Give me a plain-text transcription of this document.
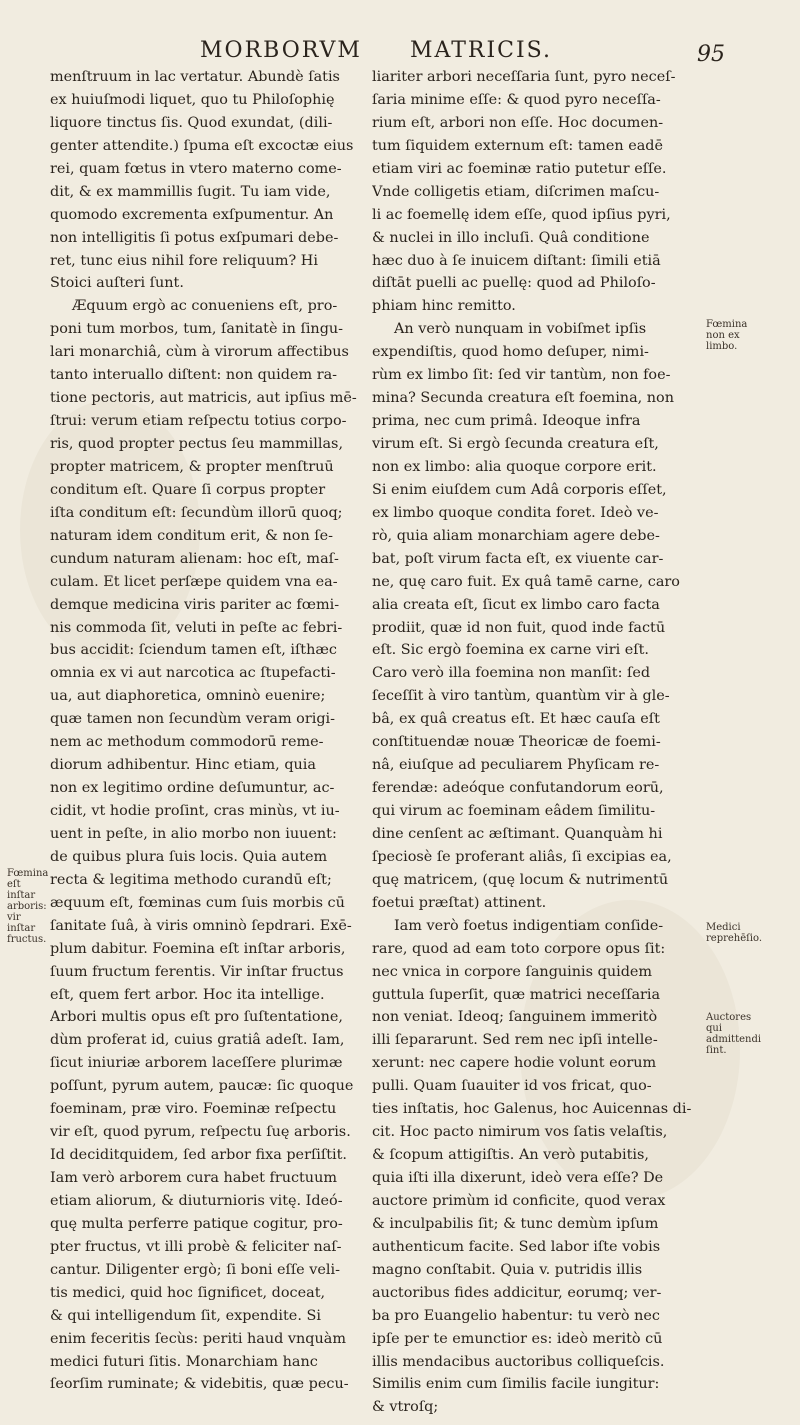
MORBORVM MATRICIS.	95
menſtruum in lac vertatur. Abundè ſatis
ex huiuſmodi liquet, quo tu Philoſophię
liquore tinctus ſis. Quod exundat, (dili-
genter attendite.) ſpuma eſt excoctæ eius
rei, quam fœtus in vtero materno come-
dit, & ex mammillis ſugit. Tu iam vide,
quomodo excrementa exſpumentur. An
non intelligitis ſi potus exſpumari debe-
ret, tunc eius nihil fore reliquum? Hi
Stoici auſteri ſunt.
Æquum ergò ac conueniens eſt, pro-
poni tum morbos, tum, ſanitatè in ſingu-
lari monarchiâ, cùm à virorum affectibus
tanto interuallo diſtent: non quidem ra-
tione pectoris, aut matricis, aut ipſius mē-
ſtrui: verum etiam reſpectu totius corpo-
ris, quod propter pectus ſeu mammillas,
propter matricem, & propter menſtruū
conditum eſt. Quare ſi corpus propter
iſta conditum eſt: ſecundùm illorū quoq;
naturam idem conditum erit, & non ſe-
cundum naturam alienam: hoc eſt, maſ-
culam. Et licet perſæpe quidem vna ea-
demque medicina viris pariter ac fœmi-
nis commoda ſit, veluti in peſte ac febri-
bus accidit: ſciendum tamen eſt, iſthæc
omnia ex vi aut narcotica ac ſtupefacti-
ua, aut diaphoretica, omninò euenire;
quæ tamen non ſecundùm veram origi-
nem ac methodum commodorū reme-
diorum adhibentur. Hinc etiam, quia
non ex legitimo ordine deſumuntur, ac-
cidit, vt hodie proſint, cras minùs, vt iu-
uent in peſte, in alio morbo non iuuent:
de quibus plura ſuis locis. Quia autem
recta & legitima methodo curandū eſt;
æquum eſt, fœminas cum ſuis morbis cū
ſanitate ſuâ, à viris omninò ſepdrari. Exē-
plum dabitur. Foemina eſt inſtar arboris,
ſuum fructum ferentis. Vir inſtar fructus
eſt, quem fert arbor. Hoc ita intellige.
Arbori multis opus eſt pro ſuſtentatione,
dùm proferat id, cuius gratiâ adeſt. Iam,
ſicut iniuriæ arborem laceſſere plurimæ
poſſunt, pyrum autem, paucæ: ſic quoque
foeminam, præ viro. Foeminæ reſpectu
vir eſt, quod pyrum, reſpectu ſuę arboris.
Id deciditquidem, ſed arbor fixa perſiſtit.
Iam verò arborem cura habet fructuum
etiam aliorum, & diuturnioris vitę. Ideó-
quę multa perferre patique cogitur, pro-
pter fructus, vt illi probè & feliciter naſ-
cantur. Diligenter ergò; ſi boni eſſe veli-
tis medici, quid hoc ſignificet, doceat,
& qui intelligendum ſit, expendite. Si
enim feceritis ſecùs: periti haud vnquàm
medici futuri ſitis. Monarchiam hanc
ſeorſim ruminate; & videbitis, quæ pecu-
liariter arbori neceſſaria ſunt, pyro neceſ-
ſaria minime eſſe: & quod pyro neceſſa-
rium eſt, arbori non eſſe. Hoc documen-
tum ſiquidem externum eſt: tamen eadē
etiam viri ac foeminæ ratio putetur eſſe.
Vnde colligetis etiam, diſcrimen maſcu-
li ac foemellę idem eſſe, quod ipſius pyri,
& nuclei in illo incluſi. Quâ conditione
hæc duo à ſe inuicem diſtant: ſimili etiā
diſtāt puelli ac puellę: quod ad Philoſo-
phiam hinc remitto.
An verò nunquam in vobiſmet ipſis
expendiſtis, quod homo deſuper, nimi-
rùm ex limbo ſit: ſed vir tantùm, non foe-
mina? Secunda creatura eſt foemina, non
prima, nec cum primâ. Ideoque infra
virum eſt. Si ergò ſecunda creatura eſt,
non ex limbo: alia quoque corpore erit.
Si enim eiuſdem cum Adâ corporis eſſet,
ex limbo quoque condita foret. Ideò ve-
rò, quia aliam monarchiam agere debe-
bat, poſt virum facta eſt, ex viuente car-
ne, quę caro fuit. Ex quâ tamē carne, caro
alia creata eſt, ſicut ex limbo caro facta
prodiit, quæ id non fuit, quod inde factū
eſt. Sic ergò foemina ex carne viri eſt.
Caro verò illa foemina non manſit: ſed
ſeceſſit à viro tantùm, quantùm vir à gle-
bâ, ex quâ creatus eſt. Et hæc cauſa eſt
conſtituendæ nouæ Theoricæ de foemi-
nâ, eiuſque ad peculiarem Phyſicam re-
ferendæ: adeóque confutandorum eorū,
qui virum ac foeminam eâdem ſimilitu-
dine cenſent ac æſtimant. Quanquàm hi
ſpeciosè ſe proferant aliâs, ſi excipias ea,
quę matricem, (quę locum & nutrimentū
foetui præſtat) attinent.
Iam verò foetus indigentiam conſide-
rare, quod ad eam toto corpore opus ſit:
nec vnica in corpore ſanguinis quidem
guttula ſuperſit, quæ matrici neceſſaria
non veniat. Ideoq; ſanguinem immeritò
illi ſepararunt. Sed rem nec ipſi intelle-
xerunt: nec capere hodie volunt eorum
pulli. Quam ſuauiter id vos fricat, quo-
ties inſtatis, hoc Galenus, hoc Auicennas di-
cit. Hoc pacto nimirum vos ſatis velaſtis,
& ſcopum attigiſtis. An verò putabitis,
quia iſti illa dixerunt, ideò vera eſſe? De
auctore primùm id conficite, quod verax
& inculpabilis ſit; & tunc demùm ipſum
authenticum facite. Sed labor iſte vobis
magno conſtabit. Quia v. putridis illis
auctoribus fides addicitur, eorumq; ver-
ba pro Euangelio habentur: tu verò nec
ipſe per te emunctior es: ideò meritò cū
illis mendacibus auctoribus colliqueſcis.
Similis enim cum ſimilis facile iungitur:
& vtroſq;
Fœmina eſt inſtar arboris: vir inſtar fructus.
Fœmina non ex limbo.
Medici reprehēſio.
Auctores qui admittendi ſint.
